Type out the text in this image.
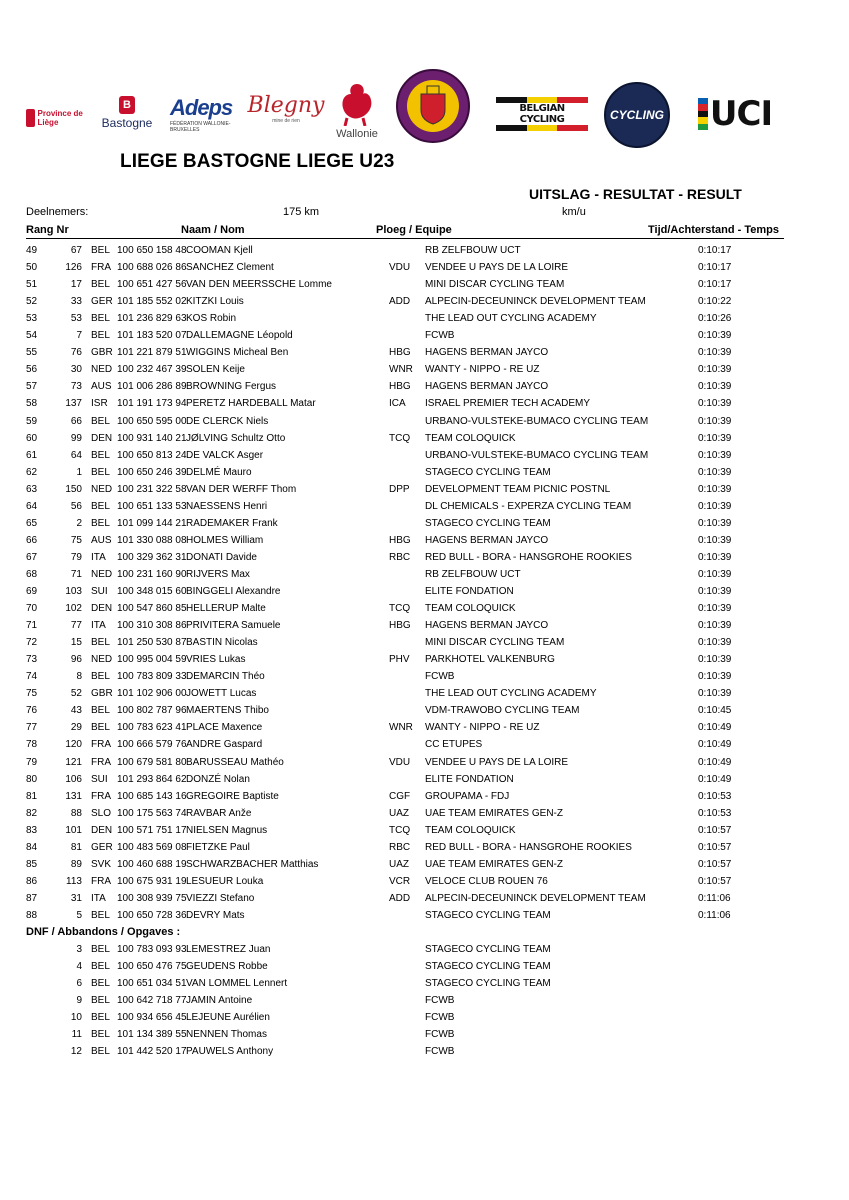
Province de Liège
B
Bastogne
Adeps
FÉDÉRATION WALLONIE-BRUXELLES
Blegny
mine de rien
Wallonie
BELGIAN CYCLING	CYCLING UCI
LIEGE BASTOGNE LIEGE U23
UITSLAG - RESULTAT - RESULT
Deelnemers:	175 km	km/u
Rang Nr	Naam / Nom	Ploeg / Equipe	Tijd/Achterstand - Temps
49	67 BEL 100 650 158 48 COOMAN Kjell	RB ZELFBOUW UCT	0:10:17
50	126 FRA 100 688 026 86 SANCHEZ Clement	VDU VENDEE U PAYS DE LA LOIRE	0:10:17
51	17 BEL 100 651 427 56 VAN DEN MEERSSCHE Lomme	MINI DISCAR CYCLING TEAM	0:10:17
52	33 GER 101 185 552 02 KITZKI Louis	ADD ALPECIN-DECEUNINCK DEVELOPMENT TEAM	0:10:22
53	53 BEL 101 236 829 63 KOS Robin	THE LEAD OUT CYCLING ACADEMY	0:10:26
54	7 BEL 101 183 520 07 DALLEMAGNE Léopold	FCWB	0:10:39
55	76 GBR 101 221 879 51 WIGGINS Micheal Ben	HBG HAGENS BERMAN JAYCO	0:10:39
56	30 NED 100 232 467 39 SOLEN Keije	WNR WANTY - NIPPO - RE UZ	0:10:39
57	73 AUS 101 006 286 89 BROWNING Fergus	HBG HAGENS BERMAN JAYCO	0:10:39
58	137 ISR 101 191 173 94 PERETZ HARDEBALL Matar	ICA ISRAEL PREMIER TECH ACADEMY	0:10:39
59	66 BEL 100 650 595 00 DE CLERCK Niels	URBANO-VULSTEKE-BUMACO CYCLING TEAM	0:10:39
60	99 DEN 100 931 140 21 JØLVING Schultz Otto	TCQ TEAM COLOQUICK	0:10:39
61	64 BEL 100 650 813 24 DE VALCK Asger	URBANO-VULSTEKE-BUMACO CYCLING TEAM	0:10:39
62	1 BEL 100 650 246 39 DELMÉ Mauro	STAGECO CYCLING TEAM	0:10:39
63	150 NED 100 231 322 58 VAN DER WERFF Thom	DPP DEVELOPMENT TEAM PICNIC POSTNL	0:10:39
64	56 BEL 100 651 133 53 NAESSENS Henri	DL CHEMICALS - EXPERZA CYCLING TEAM	0:10:39
65	2 BEL 101 099 144 21 RADEMAKER Frank	STAGECO CYCLING TEAM	0:10:39
66	75 AUS 101 330 088 08 HOLMES William	HBG HAGENS BERMAN JAYCO	0:10:39
67	79 ITA 100 329 362 31 DONATI Davide	RBC RED BULL - BORA - HANSGROHE ROOKIES	0:10:39
68	71 NED 100 231 160 90 RIJVERS Max	RB ZELFBOUW UCT	0:10:39
69	103 SUI 100 348 015 60 BINGGELI Alexandre	ELITE FONDATION	0:10:39
70	102 DEN 100 547 860 85 HELLERUP Malte	TCQ TEAM COLOQUICK	0:10:39
71	77 ITA 100 310 308 86 PRIVITERA Samuele	HBG HAGENS BERMAN JAYCO	0:10:39
72	15 BEL 101 250 530 87 BASTIN Nicolas	MINI DISCAR CYCLING TEAM	0:10:39
73	96 NED 100 995 004 59 VRIES Lukas	PHV PARKHOTEL VALKENBURG	0:10:39
74	8 BEL 100 783 809 33 DEMARCIN Théo	FCWB	0:10:39
75	52 GBR 101 102 906 00 JOWETT Lucas	THE LEAD OUT CYCLING ACADEMY	0:10:39
76	43 BEL 100 802 787 96 MAERTENS Thibo	VDM-TRAWOBO CYCLING TEAM	0:10:45
77	29 BEL 100 783 623 41 PLACE Maxence	WNR WANTY - NIPPO - RE UZ	0:10:49
78	120 FRA 100 666 579 76 ANDRE Gaspard	CC ETUPES	0:10:49
79	121 FRA 100 679 581 80 BARUSSEAU Mathéo	VDU VENDEE U PAYS DE LA LOIRE	0:10:49
80	106 SUI 101 293 864 62 DONZÉ Nolan	ELITE FONDATION	0:10:49
81	131 FRA 100 685 143 16 GREGOIRE Baptiste	CGF GROUPAMA - FDJ	0:10:53
82	88 SLO 100 175 563 74 RAVBAR Anže	UAZ UAE TEAM EMIRATES GEN-Z	0:10:53
83	101 DEN 100 571 751 17 NIELSEN Magnus	TCQ TEAM COLOQUICK	0:10:57
84	81 GER 100 483 569 08 FIETZKE Paul	RBC RED BULL - BORA - HANSGROHE ROOKIES	0:10:57
85	89 SVK 100 460 688 19 SCHWARZBACHER Matthias	UAZ UAE TEAM EMIRATES GEN-Z	0:10:57
86	113 FRA 100 675 931 19 LESUEUR Louka	VCR VELOCE CLUB ROUEN 76	0:10:57
87	31 ITA 100 308 939 75 VIEZZI Stefano	ADD ALPECIN-DECEUNINCK DEVELOPMENT TEAM	0:11:06
88	5 BEL 100 650 728 36 DEVRY Mats	STAGECO CYCLING TEAM	0:11:06
DNF / Abbandons / Opgaves :
3 BEL 100 783 093 93 LEMESTREZ Juan	STAGECO CYCLING TEAM
4 BEL 100 650 476 75 GEUDENS Robbe	STAGECO CYCLING TEAM
6 BEL 100 651 034 51 VAN LOMMEL Lennert	STAGECO CYCLING TEAM
9 BEL 100 642 718 77 JAMIN Antoine	FCWB
10 BEL 100 934 656 45 LEJEUNE Aurélien	FCWB
11 BEL 101 134 389 55 NENNEN Thomas	FCWB
12 BEL 101 442 520 17 PAUWELS Anthony	FCWB
